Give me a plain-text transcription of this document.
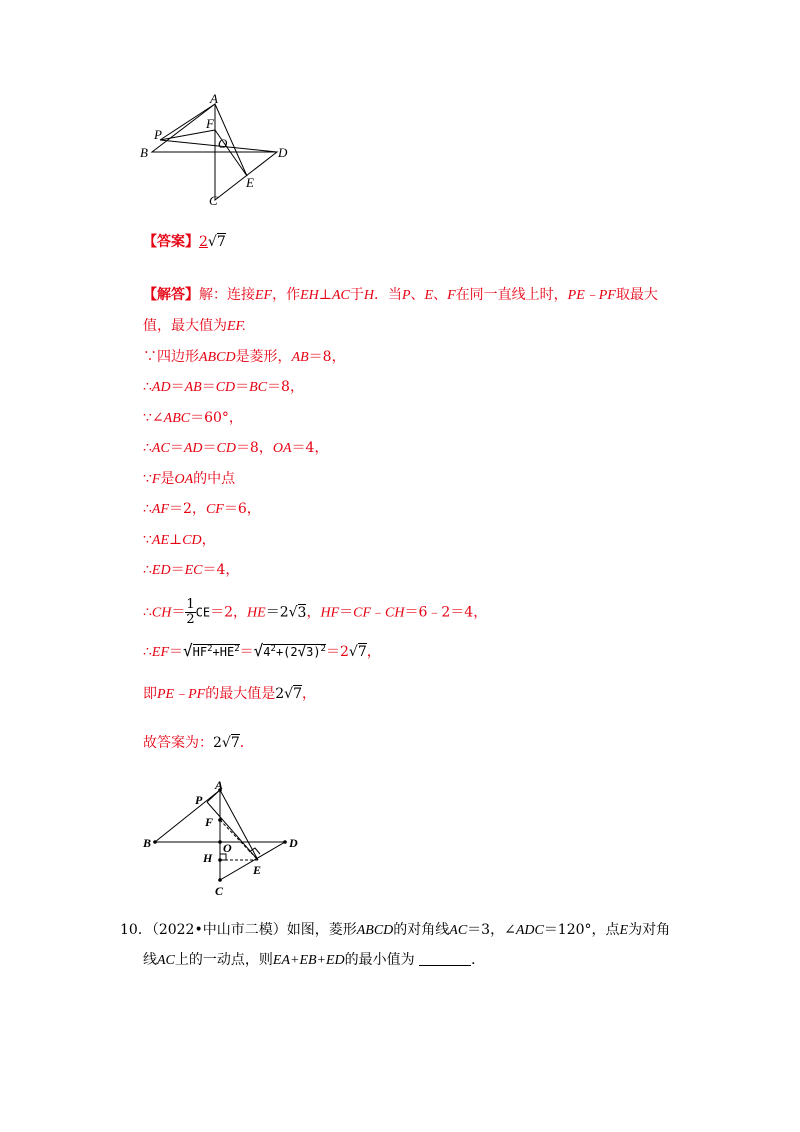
A
F
P
O
B	D
E
C
【答案】2√7
【解答】解：连接EF，作EH⊥AC于H．当P、E、F在同一直线上时，PE﹣PF取最大
值，最大值为EF.
∵四边形ABCD是菱形，AB＝8，
∴AD＝AB＝CD＝BC＝8，
∵∠ABC＝60°，
∴AC＝AD＝CD＝8，OA＝4，
∵F是OA的中点
∴AF＝2，CF＝6，
∵AE⊥CD，
∴ED＝EC＝4，
∴CH＝ $\frac{1}{2} CE=2$，HE＝2√3，HF＝CF﹣CH＝6﹣2＝4，
$\therefore EF=√HF^2+HE^2=√4^2+(2√3)^2=2√7$，
即PE﹣PF的最大值是2√7，
故答案为：2√7．
A
P
F
B	O	D
H
E
C
10．（2022•中山市二模）如图，菱形ABCD的对角线AC＝3，∠ADC＝120°，点E为对角
线AC上的一动点，则EA+EB+ED的最小值为	．
